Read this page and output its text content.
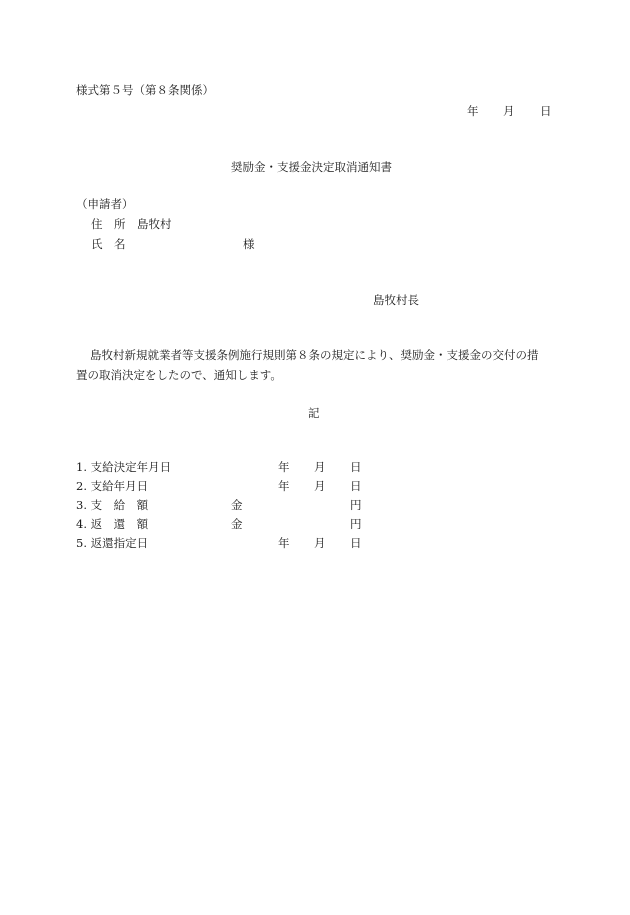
様式第５号（第８条関係）
年 月 日
奨励金・支援金決定取消通知書
（申請者）
住　所 島牧村
氏　名	様
島牧村長
島牧村新規就業者等支援条例施行規則第８条の規定により、奨励金・支援金の交付の措
置の取消決定をしたので、通知します。
記
1. 支給決定年月日	年 月 日
2. 支給年月日	年 月 日
3. 支　給　額	金	円
4. 返　還　額	金	円
5. 返還指定日	年 月 日
